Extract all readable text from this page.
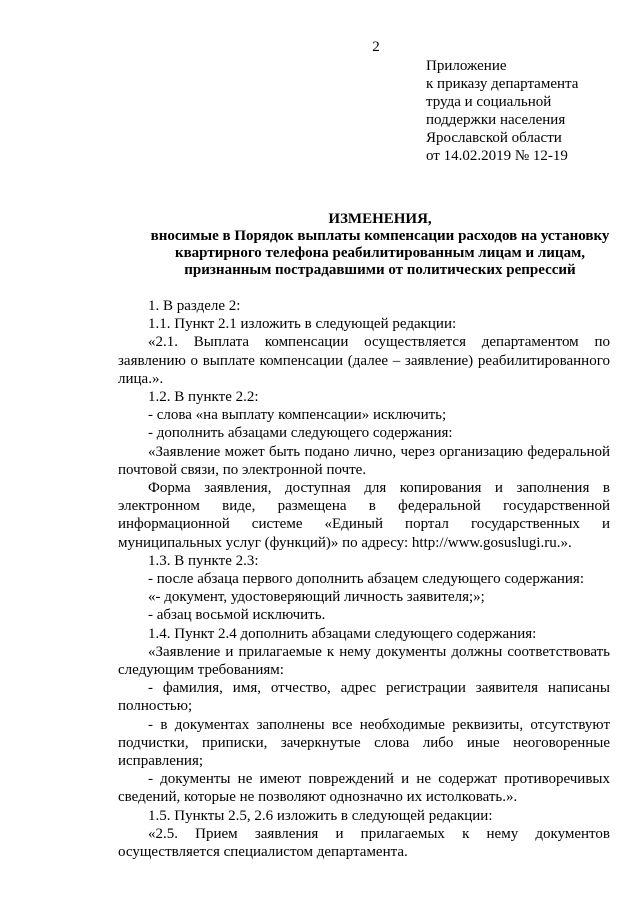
2
Приложение
к приказу департамента
труда и социальной
поддержки населения
Ярославской области
от 14.02.2019 № 12-19
ИЗМЕНЕНИЯ,
вносимые в Порядок выплаты компенсации расходов на установку
квартирного телефона реабилитированным лицам и лицам,
признанным пострадавшими от политических репрессий

1. В разделе 2:

1.1. Пункт 2.1 изложить в следующей редакции:

«2.1. Выплата компенсации осуществляется департаментом по заявлению о выплате компенсации (далее – заявление) реабилитированного лица.».

1.2. В пункте 2.2:

- слова «на выплату компенсации» исключить;

- дополнить абзацами следующего содержания:

«Заявление может быть подано лично, через организацию федеральной почтовой связи, по электронной почте.

Форма заявления, доступная для копирования и заполнения в электронном виде, размещена в федеральной государственной информационной системе «Единый портал государственных и муниципальных услуг (функций)» по адресу: http://www.gosuslugi.ru.».

1.3. В пункте 2.3:

- после абзаца первого дополнить абзацем следующего содержания:

«- документ, удостоверяющий личность заявителя;»;

- абзац восьмой исключить.

1.4. Пункт 2.4 дополнить абзацами следующего содержания:

«Заявление и прилагаемые к нему документы должны соответствовать следующим требованиям:

- фамилия, имя, отчество, адрес регистрации заявителя написаны полностью;

- в документах заполнены все необходимые реквизиты, отсутствуют подчистки, приписки, зачеркнутые слова либо иные неоговоренные исправления;

- документы не имеют повреждений и не содержат противоречивых сведений, которые не позволяют однозначно их истолковать.».

1.5. Пункты 2.5, 2.6 изложить в следующей редакции:

«2.5. Прием заявления и прилагаемых к нему документов осуществляется специалистом департамента.
